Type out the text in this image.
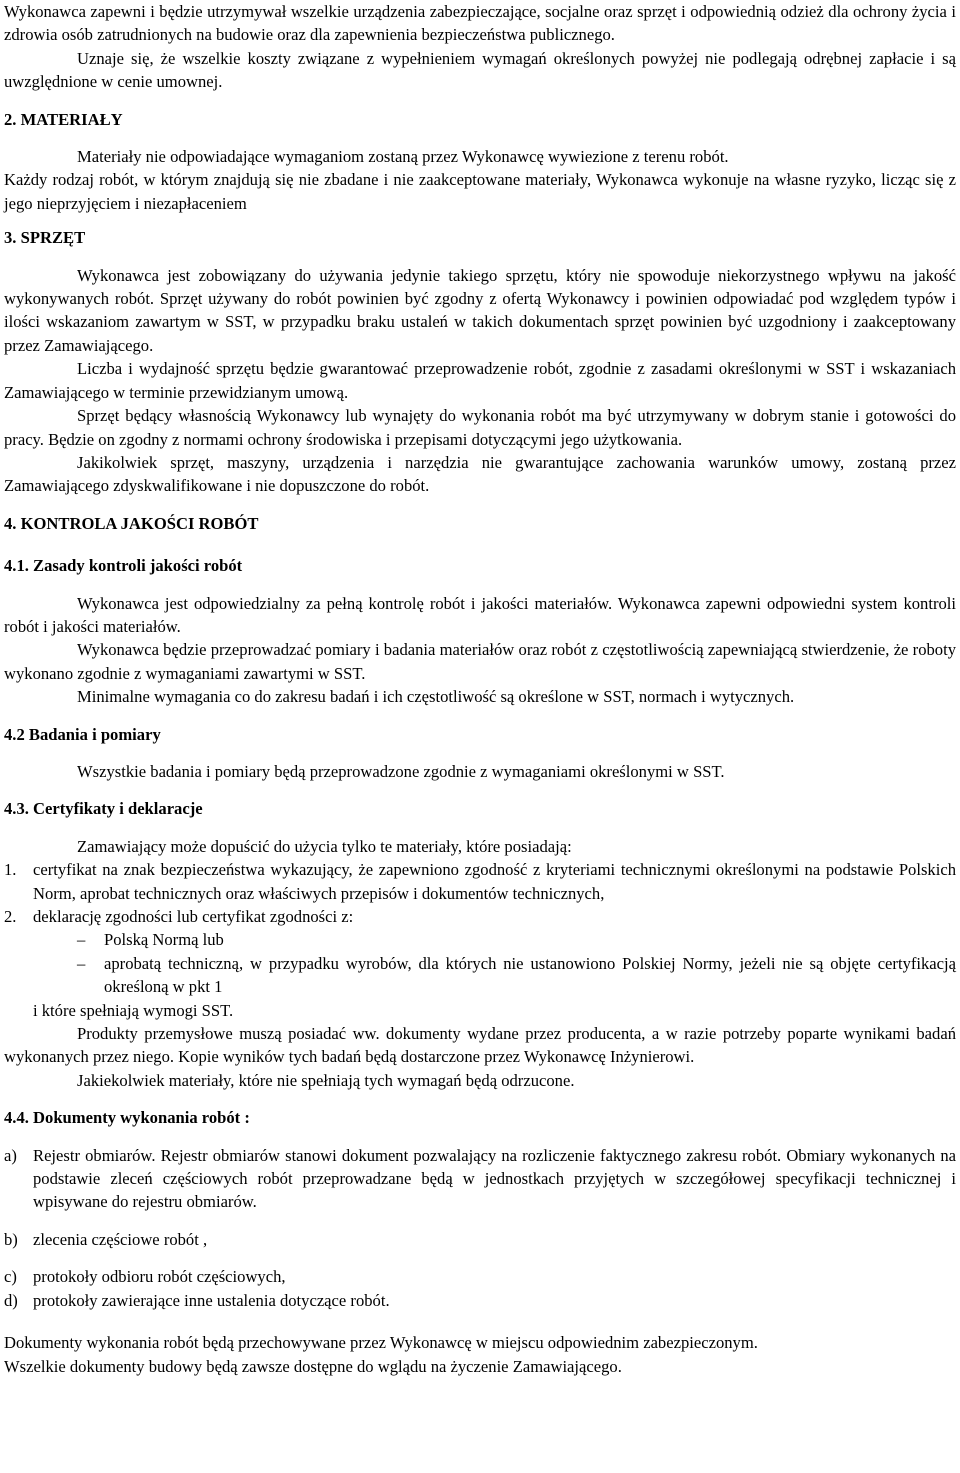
Wykonawca zapewni i będzie utrzymywał wszelkie urządzenia zabezpieczające, socjalne oraz sprzęt i odpowiednią odzież dla ochrony życia i zdrowia osób zatrudnionych na budowie oraz dla zapewnienia bezpieczeństwa publicznego.

Uznaje się, że wszelkie koszty związane z wypełnieniem wymagań określonych powyżej nie podlegają odrębnej zapłacie i są uwzględnione w cenie umownej.

2. MATERIAŁY

Materiały nie odpowiadające wymaganiom zostaną przez Wykonawcę wywiezione z terenu robót.

Każdy rodzaj robót, w którym znajdują się nie zbadane i nie zaakceptowane materiały, Wykonawca wykonuje na własne ryzyko, licząc się z jego nieprzyjęciem i niezapłaceniem

3. SPRZĘT

Wykonawca jest zobowiązany do używania jedynie takiego sprzętu, który nie spowoduje niekorzystnego wpływu na jakość wykonywanych robót. Sprzęt używany do robót powinien być zgodny z ofertą Wykonawcy i powinien odpowiadać pod względem typów i ilości wskazaniom zawartym w SST, w przypadku braku ustaleń w takich dokumentach sprzęt powinien być uzgodniony i zaakceptowany przez Zamawiającego.

Liczba i wydajność sprzętu będzie gwarantować przeprowadzenie robót, zgodnie z zasadami określonymi w SST i wskazaniach Zamawiającego w terminie przewidzianym umową.

Sprzęt będący własnością Wykonawcy lub wynajęty do wykonania robót ma być utrzymywany w dobrym stanie i gotowości do pracy. Będzie on zgodny z normami ochrony środowiska i przepisami dotyczącymi jego użytkowania.

Jakikolwiek sprzęt, maszyny, urządzenia i narzędzia nie gwarantujące zachowania warunków umowy, zostaną przez Zamawiającego zdyskwalifikowane i nie dopuszczone do robót.

4. KONTROLA JAKOŚCI ROBÓT

4.1. Zasady kontroli jakości robót

Wykonawca jest odpowiedzialny za pełną kontrolę robót i jakości materiałów. Wykonawca zapewni odpowiedni system kontroli robót i jakości materiałów.

Wykonawca będzie przeprowadzać pomiary i badania materiałów oraz robót z częstotliwością zapewniającą stwierdzenie, że roboty wykonano zgodnie z wymaganiami zawartymi w SST.

Minimalne wymagania co do zakresu badań i ich częstotliwość są określone w SST, normach i wytycznych.

4.2 Badania i pomiary

Wszystkie badania i pomiary będą przeprowadzone zgodnie z wymaganiami określonymi w SST.

4.3. Certyfikaty i deklaracje

Zamawiający może dopuścić do użycia tylko te materiały, które posiadają:

1. certyfikat na znak bezpieczeństwa wykazujący, że zapewniono zgodność z kryteriami technicznymi określonymi na podstawie Polskich Norm, aprobat technicznych oraz właściwych przepisów i dokumentów technicznych,
2. deklarację zgodności lub certyfikat zgodności z:
– Polską Normą lub
– aprobatą techniczną, w przypadku wyrobów, dla których nie ustanowiono Polskiej Normy, jeżeli nie są objęte certyfikacją określoną w pkt 1

i które spełniają wymogi SST.

Produkty przemysłowe muszą posiadać ww. dokumenty wydane przez producenta, a w razie potrzeby poparte wynikami badań wykonanych przez niego. Kopie wyników tych badań będą dostarczone przez Wykonawcę Inżynierowi.

Jakiekolwiek materiały, które nie spełniają tych wymagań będą odrzucone.

4.4. Dokumenty wykonania robót :

a) Rejestr obmiarów. Rejestr obmiarów stanowi dokument pozwalający na rozliczenie faktycznego zakresu robót. Obmiary wykonanych na podstawie zleceń częściowych robót przeprowadzane będą w jednostkach przyjętych w szczegółowej specyfikacji technicznej i wpisywane do rejestru obmiarów.
b) zlecenia częściowe robót ,
c) protokoły odbioru robót częściowych,
d) protokoły zawierające inne ustalenia dotyczące robót.

Dokumenty wykonania robót będą przechowywane przez Wykonawcę w miejscu odpowiednim zabezpieczonym.

Wszelkie dokumenty budowy będą zawsze dostępne do wglądu na życzenie Zamawiającego.
